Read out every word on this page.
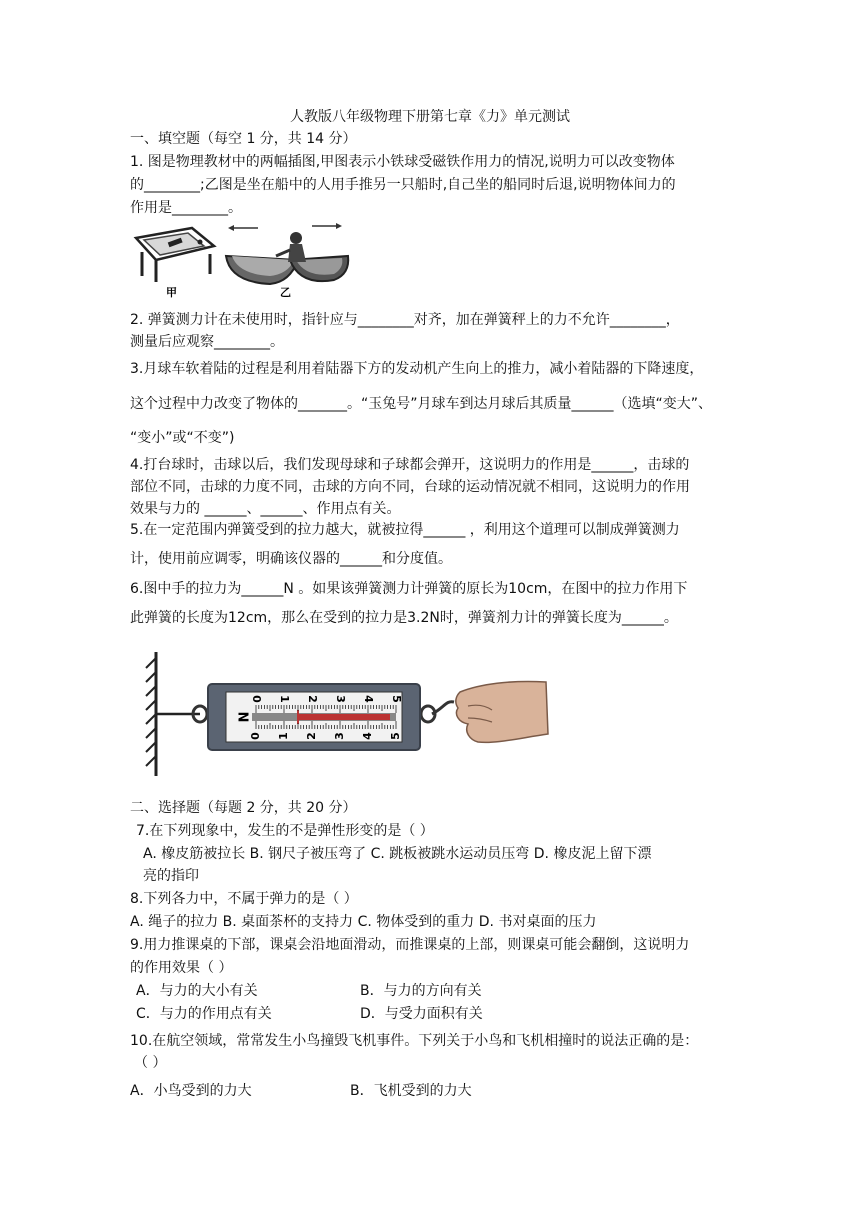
人教版八年级物理下册第七章《力》单元测试
一、填空题（每空 1 分，共 14 分）
1. 图是物理教材中的两幅插图,甲图表示小铁球受磁铁作用力的情况,说明力可以改变物体
的________;乙图是坐在船中的人用手推另一只船时,自己坐的船同时后退,说明物体间力的
作用是________。
甲	乙
2. 弹簧测力计在未使用时，指针应与________对齐，加在弹簧秤上的力不允许________，
测量后应观察________。
3.月球车软着陆的过程是利用着陆器下方的发动机产生向上的推力，减小着陆器的下降速度，
这个过程中力改变了物体的_______。“玉兔号”月球车到达月球后其质量______（选填“变大”、
“变小”或“不变”)
4.打台球时，击球以后，我们发现母球和子球都会弹开，这说明力的作用是______，击球的
部位不同，击球的力度不同，击球的方向不同，台球的运动情况就不相同，这说明力的作用
效果与力的 ______、______、作用点有关。
5.在一定范围内弹簧受到的拉力越大，就被拉得______ ，利用这个道理可以制成弹簧测力
计，使用前应调零，明确该仪器的______和分度值。
6.图中手的拉力为______N 。如果该弹簧测力计弹簧的原长为10cm，在图中的拉力作用下
此弹簧的长度为12cm，那么在受到的拉力是3.2N时，弹簧剂力计的弹簧长度为______。
N
0 1 2 3 4 5
0 1 2 3 4 5
二、选择题（每题 2 分，共 20 分）
7.在下列现象中，发生的不是弹性形变的是（ ）
A. 橡皮筋被拉长 B. 钢尺子被压弯了 C. 跳板被跳水运动员压弯 D. 橡皮泥上留下漂
亮的指印
8.下列各力中，不属于弹力的是（ ）
A. 绳子的拉力 B. 桌面茶杯的支持力 C. 物体受到的重力 D. 书对桌面的压力
9.用力推课桌的下部，课桌会沿地面滑动，而推课桌的上部，则课桌可能会翻倒，这说明力
的作用效果（ ）
A．与力的大小有关	B．与力的方向有关
C．与力的作用点有关	D．与受力面积有关
10.在航空领域，常常发生小鸟撞毁飞机事件。下列关于小鸟和飞机相撞时的说法正确的是：
（ ）
A．小鸟受到的力大	B．飞机受到的力大
